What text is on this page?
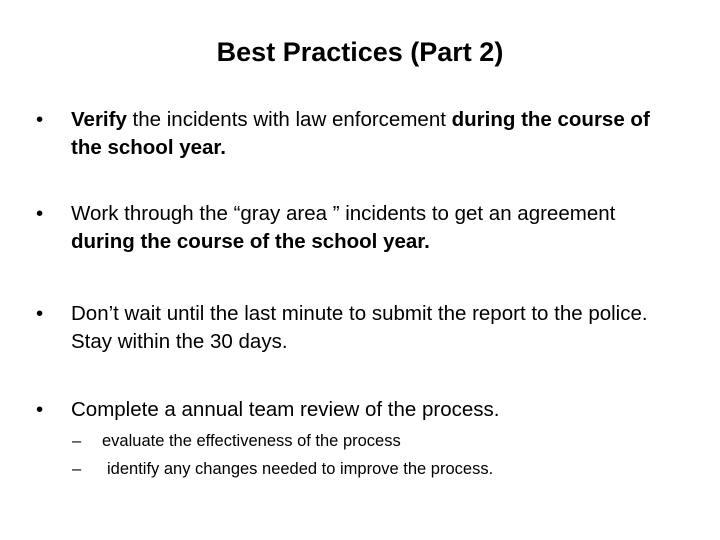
Best Practices (Part 2)
•	Verify the incidents with law enforcement during the course of the school year.
•	Work through the “gray area ” incidents to get an agreement during the course of the school year.
•	Don’t wait until the last minute to submit the report to the police. Stay within the 30 days.
•	Complete a annual team review of the process.
– evaluate the effectiveness of the process
– identify any changes needed to improve the process.
